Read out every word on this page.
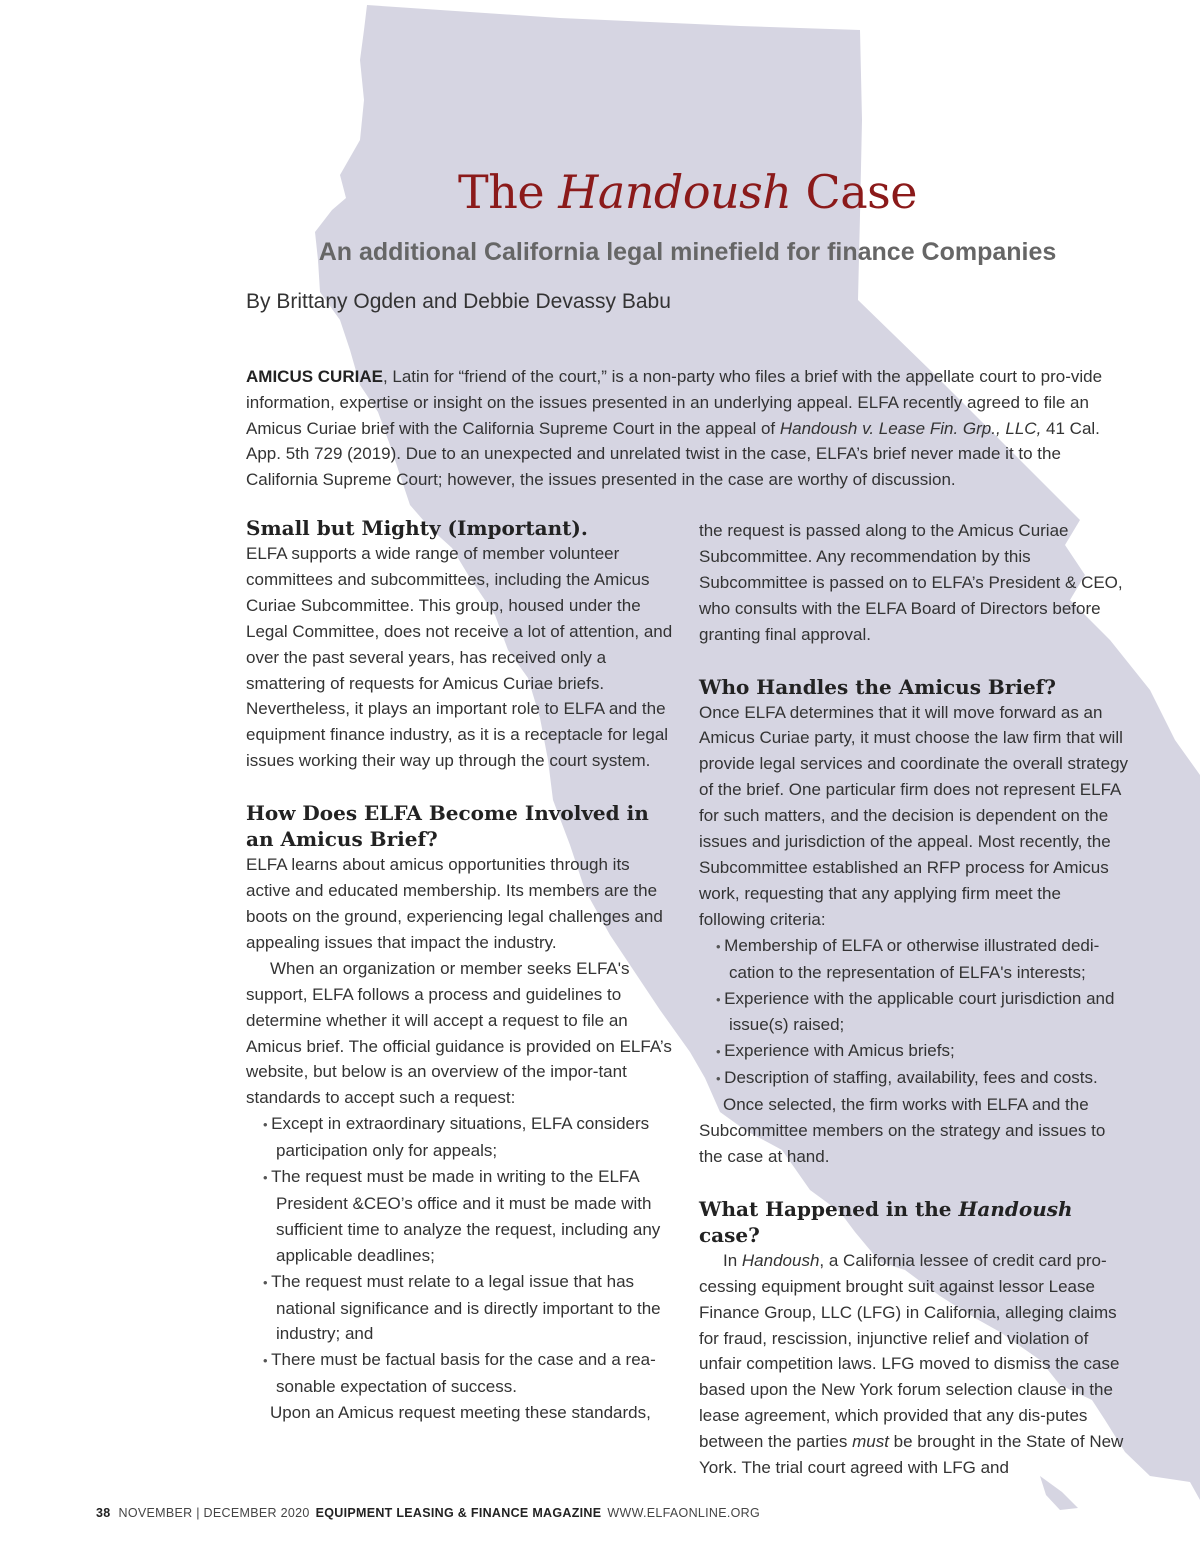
The Handoush Case
An additional California legal minefield for finance Companies

By Brittany Ogden and Debbie Devassy Babu

AMICUS CURIAE, Latin for “friend of the court,” is a non-party who files a brief with the appellate court to pro-vide information, expertise or insight on the issues presented in an underlying appeal. ELFA recently agreed to file an Amicus Curiae brief with the California Supreme Court in the appeal of Handoush v. Lease Fin. Grp., LLC, 41 Cal. App. 5th 729 (2019). Due to an unexpected and unrelated twist in the case, ELFA’s brief never made it to the California Supreme Court; however, the issues presented in the case are worthy of discussion.

Small but Mighty (Important).

ELFA supports a wide range of member volunteer committees and subcommittees, including the Amicus Curiae Subcommittee. This group, housed under the Legal Committee, does not receive a lot of attention, and over the past several years, has received only a smattering of requests for Amicus Curiae briefs. Nevertheless, it plays an important role to ELFA and the equipment finance industry, as it is a receptacle for legal issues working their way up through the court system.

How Does ELFA Become Involved in an Amicus Brief?

ELFA learns about amicus opportunities through its active and educated membership. Its members are the boots on the ground, experiencing legal challenges and appealing issues that impact the industry.

When an organization or member seeks ELFA's support, ELFA follows a process and guidelines to determine whether it will accept a request to file an Amicus brief. The official guidance is provided on ELFA’s website, but below is an overview of the impor-tant standards to accept such a request:

• Except in extraordinary situations, ELFA considers participation only for appeals;
• The request must be made in writing to the ELFA President &CEO’s office and it must be made with sufficient time to analyze the request, including any applicable deadlines;
• The request must relate to a legal issue that has national significance and is directly important to the industry; and
• There must be factual basis for the case and a rea-sonable expectation of success.

Upon an Amicus request meeting these standards,

the request is passed along to the Amicus Curiae Subcommittee. Any recommendation by this Subcommittee is passed on to ELFA’s President & CEO, who consults with the ELFA Board of Directors before granting final approval.

Who Handles the Amicus Brief?

Once ELFA determines that it will move forward as an Amicus Curiae party, it must choose the law firm that will provide legal services and coordinate the overall strategy of the brief. One particular firm does not represent ELFA for such matters, and the decision is dependent on the issues and jurisdiction of the appeal. Most recently, the Subcommittee established an RFP process for Amicus work, requesting that any applying firm meet the following criteria:

• Membership of ELFA or otherwise illustrated dedi-cation to the representation of ELFA's interests;
• Experience with the applicable court jurisdiction and issue(s) raised;
• Experience with Amicus briefs;
• Description of staffing, availability, fees and costs.

Once selected, the firm works with ELFA and the Subcommittee members on the strategy and issues to the case at hand.

What Happened in the Handoush case?

In Handoush, a California lessee of credit card pro-cessing equipment brought suit against lessor Lease Finance Group, LLC (LFG) in California, alleging claims for fraud, rescission, injunctive relief and violation of unfair competition laws. LFG moved to dismiss the case based upon the New York forum selection clause in the lease agreement, which provided that any dis-putes between the parties must be brought in the State of New York. The trial court agreed with LFG and

38 NOVEMBER | DECEMBER 2020 EQUIPMENT LEASING & FINANCE MAGAZINE WWW.ELFAONLINE.ORG
